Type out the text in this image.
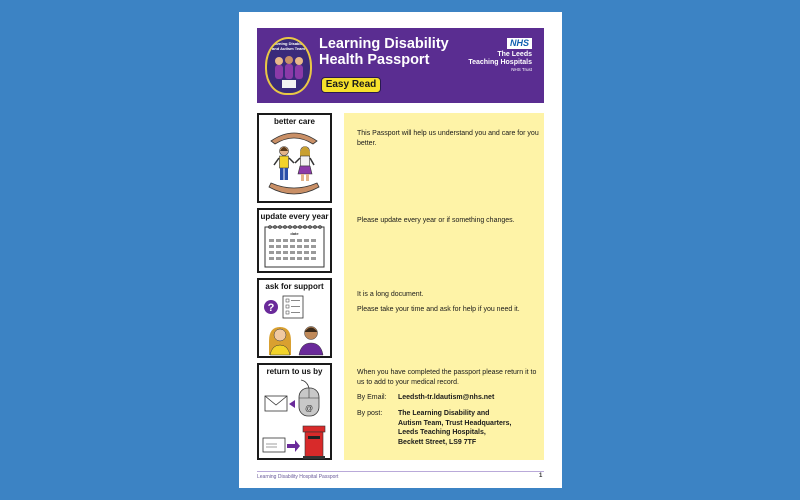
Learning Disability and Autism Team Learning Disability
Health Passport
Easy Read
NHS
The Leeds
Teaching Hospitals
NHS Trust
better care
update every year
date
ask for support
?
return to us by
@
This Passport will help us understand you and care for you better.
Please update every year or if something changes.
It is a long document.
Please take your time and ask for help if you need it.
When you have completed the passport please return it to us to add to your medical record.
By Email: Leedsth-tr.ldautism@nhs.net
By post: The Learning Disability and
Autism Team, Trust Headquarters,
Leeds Teaching Hospitals,
Beckett Street, LS9 7TF
Learning Disability Hospital Passport	1
